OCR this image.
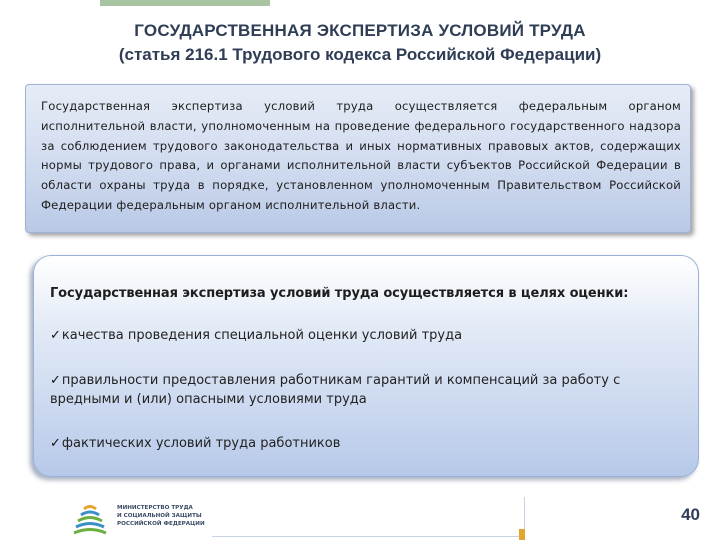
ГОСУДАРСТВЕННАЯ ЭКСПЕРТИЗА УСЛОВИЙ ТРУДА
(статья 216.1 Трудового кодекса Российской Федерации)
Государственная экспертиза условий труда осуществляется федеральным органом исполнительной власти, уполномоченным на проведение федерального государственного надзора за соблюдением трудового законодательства и иных нормативных правовых актов, содержащих нормы трудового права, и органами исполнительной власти субъектов Российской Федерации в области охраны труда в порядке, установленном уполномоченным Правительством Российской Федерации федеральным органом исполнительной власти.
Государственная экспертиза условий труда осуществляется в целях оценки:
✓качества проведения специальной оценки условий труда
✓правильности предоставления работникам гарантий и компенсаций за работу с вредными и (или) опасными условиями труда
✓фактических условий труда работников
МИНИСТЕРСТВО ТРУДА
И СОЦИАЛЬНОЙ ЗАЩИТЫ
РОССИЙСКОЙ ФЕДЕРАЦИИ	40
